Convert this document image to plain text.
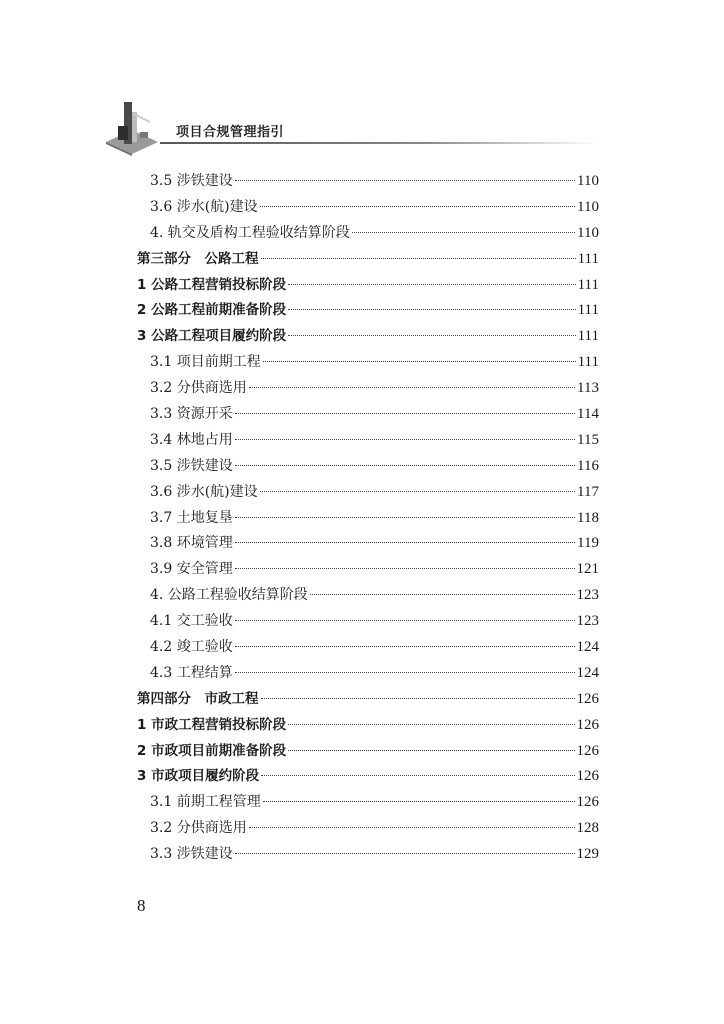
项目合规管理指引
3.5 涉铁建设	110
3.6 涉水(航)建设	110
4. 轨交及盾构工程验收结算阶段	110
第三部分　公路工程	111
1 公路工程营销投标阶段	111
2 公路工程前期准备阶段	111
3 公路工程项目履约阶段	111
3.1 项目前期工程	111
3.2 分供商选用	113
3.3 资源开采	114
3.4 林地占用	115
3.5 涉铁建设	116
3.6 涉水(航)建设	117
3.7 土地复垦	118
3.8 环境管理	119
3.9 安全管理	121
4. 公路工程验收结算阶段	123
4.1 交工验收	123
4.2 竣工验收	124
4.3 工程结算	124
第四部分　市政工程	126
1 市政工程营销投标阶段	126
2 市政项目前期准备阶段	126
3 市政项目履约阶段	126
3.1 前期工程管理	126
3.2 分供商选用	128
3.3 涉铁建设	129
8
